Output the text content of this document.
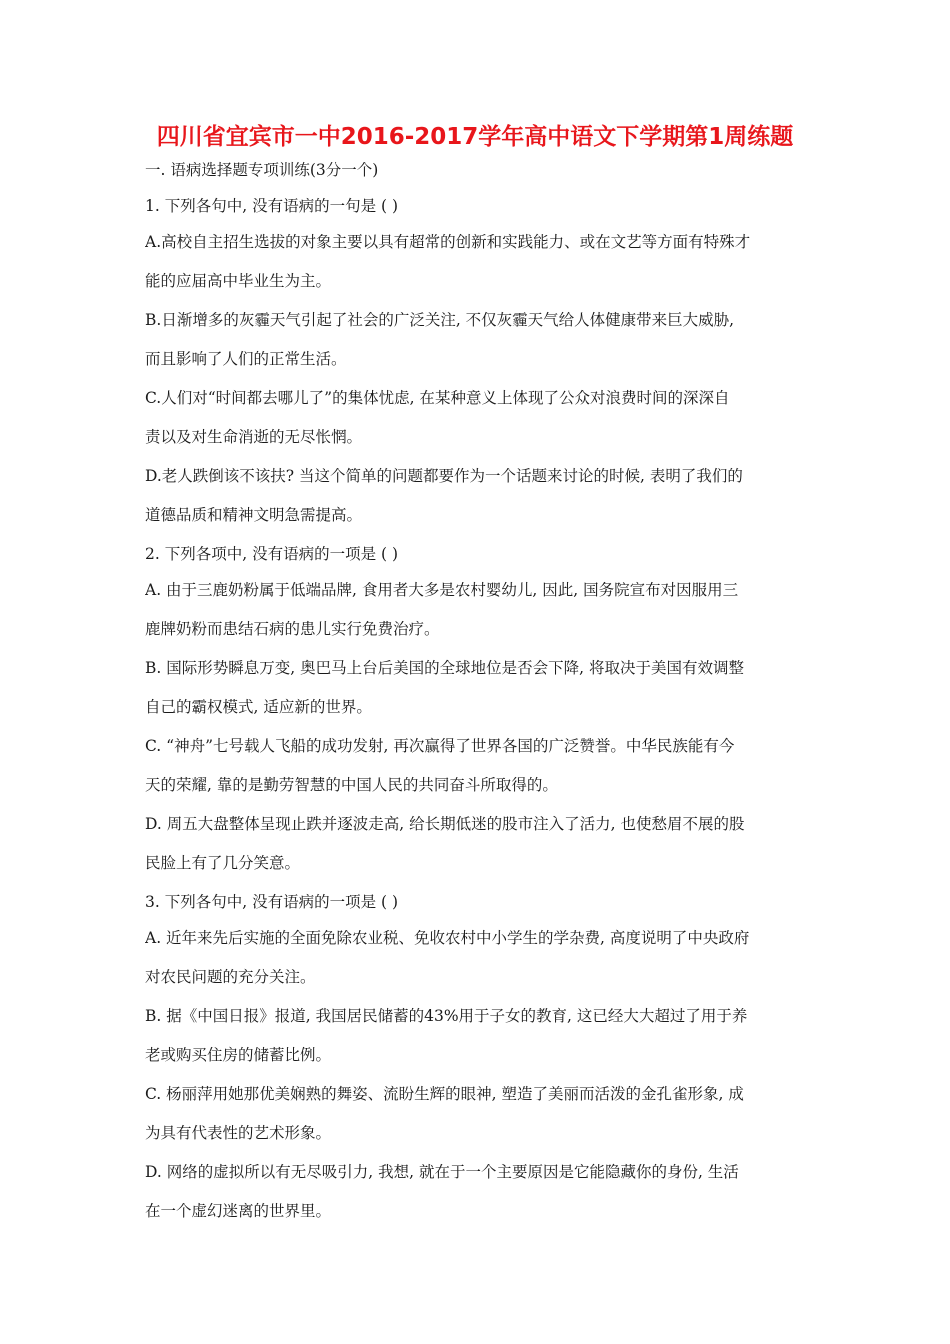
四川省宜宾市一中2016-2017学年高中语文下学期第1周练题

一. 语病选择题专项训练(3分一个)

1. 下列各句中, 没有语病的一句是 ( )

A.高校自主招生选拔的对象主要以具有超常的创新和实践能力、或在文艺等方面有特殊才

能的应届高中毕业生为主。

B.日渐增多的灰霾天气引起了社会的广泛关注, 不仅灰霾天气给人体健康带来巨大威胁,

而且影响了人们的正常生活。

C.人们对“时间都去哪儿了”的集体忧虑, 在某种意义上体现了公众对浪费时间的深深自

责以及对生命消逝的无尽怅惘。

D.老人跌倒该不该扶? 当这个简单的问题都要作为一个话题来讨论的时候, 表明了我们的

道德品质和精神文明急需提高。

2. 下列各项中, 没有语病的一项是 ( )

A. 由于三鹿奶粉属于低端品牌, 食用者大多是农村婴幼儿, 因此, 国务院宣布对因服用三

鹿牌奶粉而患结石病的患儿实行免费治疗。

B. 国际形势瞬息万变, 奥巴马上台后美国的全球地位是否会下降, 将取决于美国有效调整

自己的霸权模式, 适应新的世界。

C. “神舟”七号载人飞船的成功发射, 再次赢得了世界各国的广泛赞誉。中华民族能有今

天的荣耀, 靠的是勤劳智慧的中国人民的共同奋斗所取得的。

D. 周五大盘整体呈现止跌并逐波走高, 给长期低迷的股市注入了活力, 也使愁眉不展的股

民脸上有了几分笑意。

3. 下列各句中, 没有语病的一项是 ( )

A. 近年来先后实施的全面免除农业税、免收农村中小学生的学杂费, 高度说明了中央政府

对农民问题的充分关注。

B. 据《中国日报》报道, 我国居民储蓄的43%用于子女的教育, 这已经大大超过了用于养

老或购买住房的储蓄比例。

C. 杨丽萍用她那优美娴熟的舞姿、流盼生辉的眼神, 塑造了美丽而活泼的金孔雀形象, 成

为具有代表性的艺术形象。

D. 网络的虚拟所以有无尽吸引力, 我想, 就在于一个主要原因是它能隐藏你的身份, 生活

在一个虚幻迷离的世界里。
